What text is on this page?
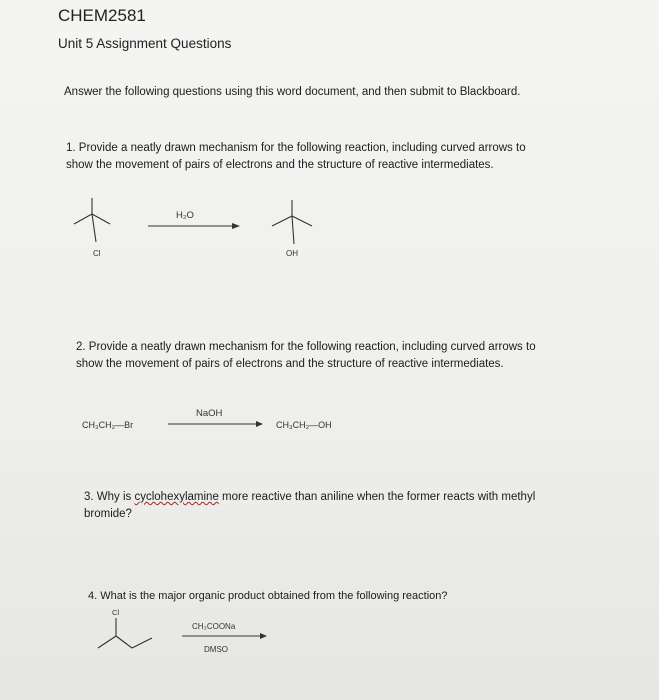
CHEM2581
Unit 5 Assignment Questions
Answer the following questions using this word document, and then submit to Blackboard.
1. Provide a neatly drawn mechanism for the following reaction, including curved arrows to
show the movement of pairs of electrons and the structure of reactive intermediates.
Cl
H₂O
OH
2. Provide a neatly drawn mechanism for the following reaction, including curved arrows to
show the movement of pairs of electrons and the structure of reactive intermediates.
CH₃CH₂—Br
NaOH
CH₃CH₂—OH
3. Why is cyclohexylamine more reactive than aniline when the former reacts with methyl
bromide?
4. What is the major organic product obtained from the following reaction?
Cl
CH₃COONa
DMSO
